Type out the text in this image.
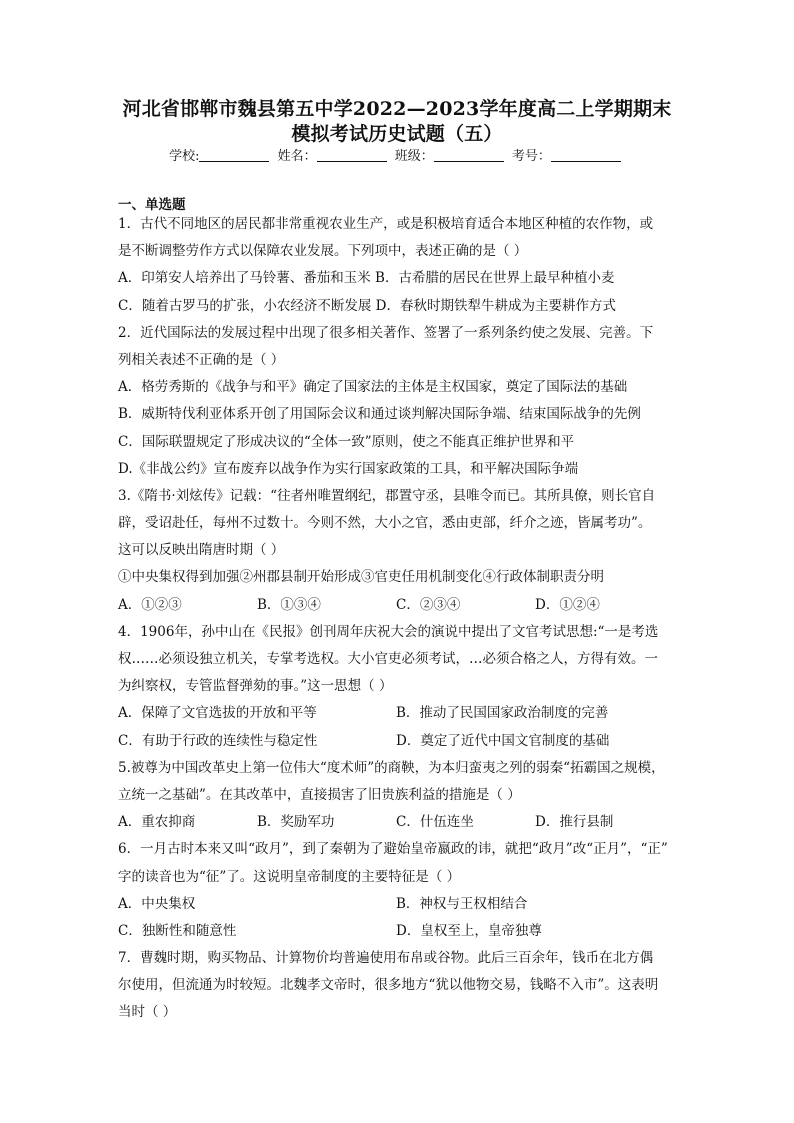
河北省邯郸市魏县第五中学2022—2023学年度高二上学期期末
模拟考试历史试题（五）
学校:	姓名：	班级：	考号：
一、单选题
1．古代不同地区的居民都非常重视农业生产，或是积极培育适合本地区种植的农作物，或
是不断调整劳作方式以保障农业发展。下列项中，表述正确的是（ ）
A．印第安人培养出了马铃薯、番茄和玉米 B．古希腊的居民在世界上最早种植小麦
C．随着古罗马的扩张，小农经济不断发展 D．春秋时期铁犁牛耕成为主要耕作方式
2．近代国际法的发展过程中出现了很多相关著作、签署了一系列条约使之发展、完善。下
列相关表述不正确的是（ ）
A．格劳秀斯的《战争与和平》确定了国家法的主体是主权国家，奠定了国际法的基础
B．威斯特伐利亚体系开创了用国际会议和通过谈判解决国际争端、结束国际战争的先例
C．国际联盟规定了形成决议的“全体一致”原则，使之不能真正维护世界和平
D.《非战公约》宣布废弃以战争作为实行国家政策的工具，和平解决国际争端
3.《隋书·刘炫传》记载：“往者州唯置纲纪，郡置守丞，县唯令而已。其所具僚，则长官自
辟，受诏赴任，每州不过数十。今则不然，大小之官，悉由吏部，纤介之迹，皆属考功”。
这可以反映出隋唐时期（ ）
①中央集权得到加强②州郡县制开始形成③官吏任用机制变化④行政体制职责分明
A．①②③	B．①③④	C．②③④	D．①②④
4．1906年，孙中山在《民报》创刊周年庆祝大会的演说中提出了文官考试思想:“一是考选
权……必须设独立机关，专掌考选权。大小官吏必须考试，…必须合格之人，方得有效。一
为纠察权，专管监督弹劾的事。”这一思想（ ）
A．保障了文官选拔的开放和平等	B．推动了民国国家政治制度的完善
C．有助于行政的连续性与稳定性	D．奠定了近代中国文官制度的基础
5.被尊为中国改革史上第一位伟大“度术师”的商鞅，为本归蛮夷之列的弱秦“拓霸国之规模，
立统一之基础”。在其改革中，直接损害了旧贵族利益的措施是（ ）
A．重农抑商	B．奖励军功	C．什伍连坐	D．推行县制
6．一月古时本来又叫“政月”，到了秦朝为了避始皇帝嬴政的讳，就把“政月”改“正月”，“正”
字的读音也为“征”了。这说明皇帝制度的主要特征是（ ）
A．中央集权	B．神权与王权相结合
C．独断性和随意性	D．皇权至上，皇帝独尊
7．曹魏时期，购买物品、计算物价均普遍使用布帛或谷物。此后三百余年，钱币在北方偶
尔使用，但流通为时较短。北魏孝文帝时，很多地方“犹以他物交易，钱略不入市”。这表明
当时（ ）
